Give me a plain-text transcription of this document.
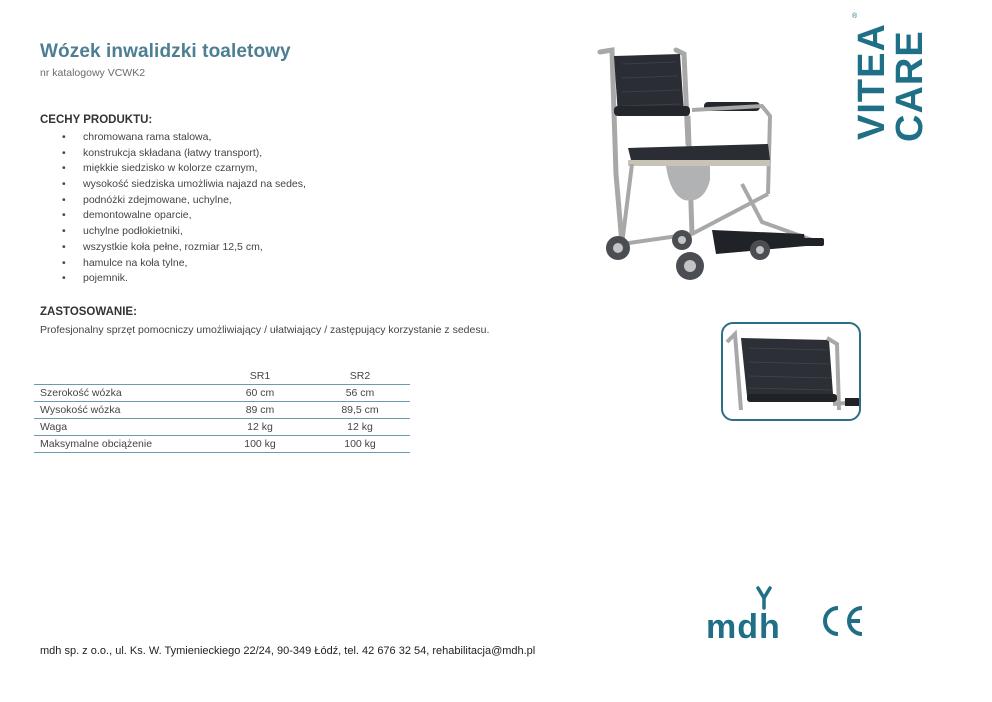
Wózek inwalidzki toaletowy
nr katalogowy VCWK2
CECHY PRODUKTU:
• chromowana rama stalowa,
• konstrukcja składana (łatwy transport),
• miękkie siedzisko w kolorze czarnym,
• wysokość siedziska umożliwia najazd na sedes,
• podnóżki zdejmowane, uchylne,
• demontowalne oparcie,
• uchylne podłokietniki,
• wszystkie koła pełne, rozmiar 12,5 cm,
• hamulce na koła tylne,
• pojemnik.
ZASTOSOWANIE:
Profesjonalny sprzęt pomocniczy umożliwiający / ułatwiający / zastępujący korzystanie z sedesu.
	SR1	SR2
Szerokość wózka	60 cm	56 cm
Wysokość wózka	89 cm	89,5 cm
Waga	12 kg	12 kg
Maksymalne obciążenie	100 kg	100 kg
VITEA
CARE
®
mdh
mdh sp. z o.o., ul. Ks. W. Tymienieckiego 22/24, 90-349 Łódź, tel. 42 676 32 54, rehabilitacja@mdh.pl
